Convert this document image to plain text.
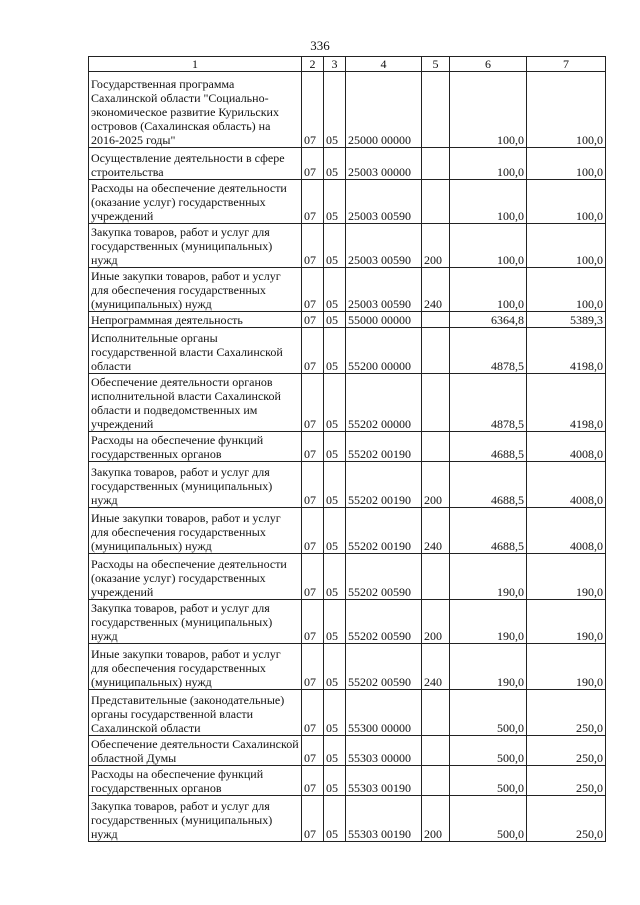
336
1	2	3	4	5	6	7
Государственная программа Сахалинской области "Социально-экономическое развитие Курильских островов (Сахалинская область) на 2016-2025 годы"	07	05	25000 00000		100,0	100,0
Осуществление деятельности в сфере строительства	07	05	25003 00000		100,0	100,0
Расходы на обеспечение деятельности (оказание услуг) государственных учреждений	07	05	25003 00590		100,0	100,0
Закупка товаров, работ и услуг для государственных (муниципальных) нужд	07	05	25003 00590	200	100,0	100,0
Иные закупки товаров, работ и услуг для обеспечения государственных (муниципальных) нужд	07	05	25003 00590	240	100,0	100,0
Непрограммная деятельность	07	05	55000 00000		6364,8	5389,3
Исполнительные органы государственной власти Сахалинской области	07	05	55200 00000		4878,5	4198,0
Обеспечение деятельности органов исполнительной власти Сахалинской области и подведомственных им учреждений	07	05	55202 00000		4878,5	4198,0
Расходы на обеспечение функций государственных органов	07	05	55202 00190		4688,5	4008,0
Закупка товаров, работ и услуг для государственных (муниципальных) нужд	07	05	55202 00190	200	4688,5	4008,0
Иные закупки товаров, работ и услуг для обеспечения государственных (муниципальных) нужд	07	05	55202 00190	240	4688,5	4008,0
Расходы на обеспечение деятельности (оказание услуг) государственных учреждений	07	05	55202 00590		190,0	190,0
Закупка товаров, работ и услуг для государственных (муниципальных) нужд	07	05	55202 00590	200	190,0	190,0
Иные закупки товаров, работ и услуг для обеспечения государственных (муниципальных) нужд	07	05	55202 00590	240	190,0	190,0
Представительные (законодательные) органы государственной власти Сахалинской области	07	05	55300 00000		500,0	250,0
Обеспечение деятельности Сахалинской областной Думы	07	05	55303 00000		500,0	250,0
Расходы на обеспечение функций государственных органов	07	05	55303 00190		500,0	250,0
Закупка товаров, работ и услуг для государственных (муниципальных) нужд	07	05	55303 00190	200	500,0	250,0
